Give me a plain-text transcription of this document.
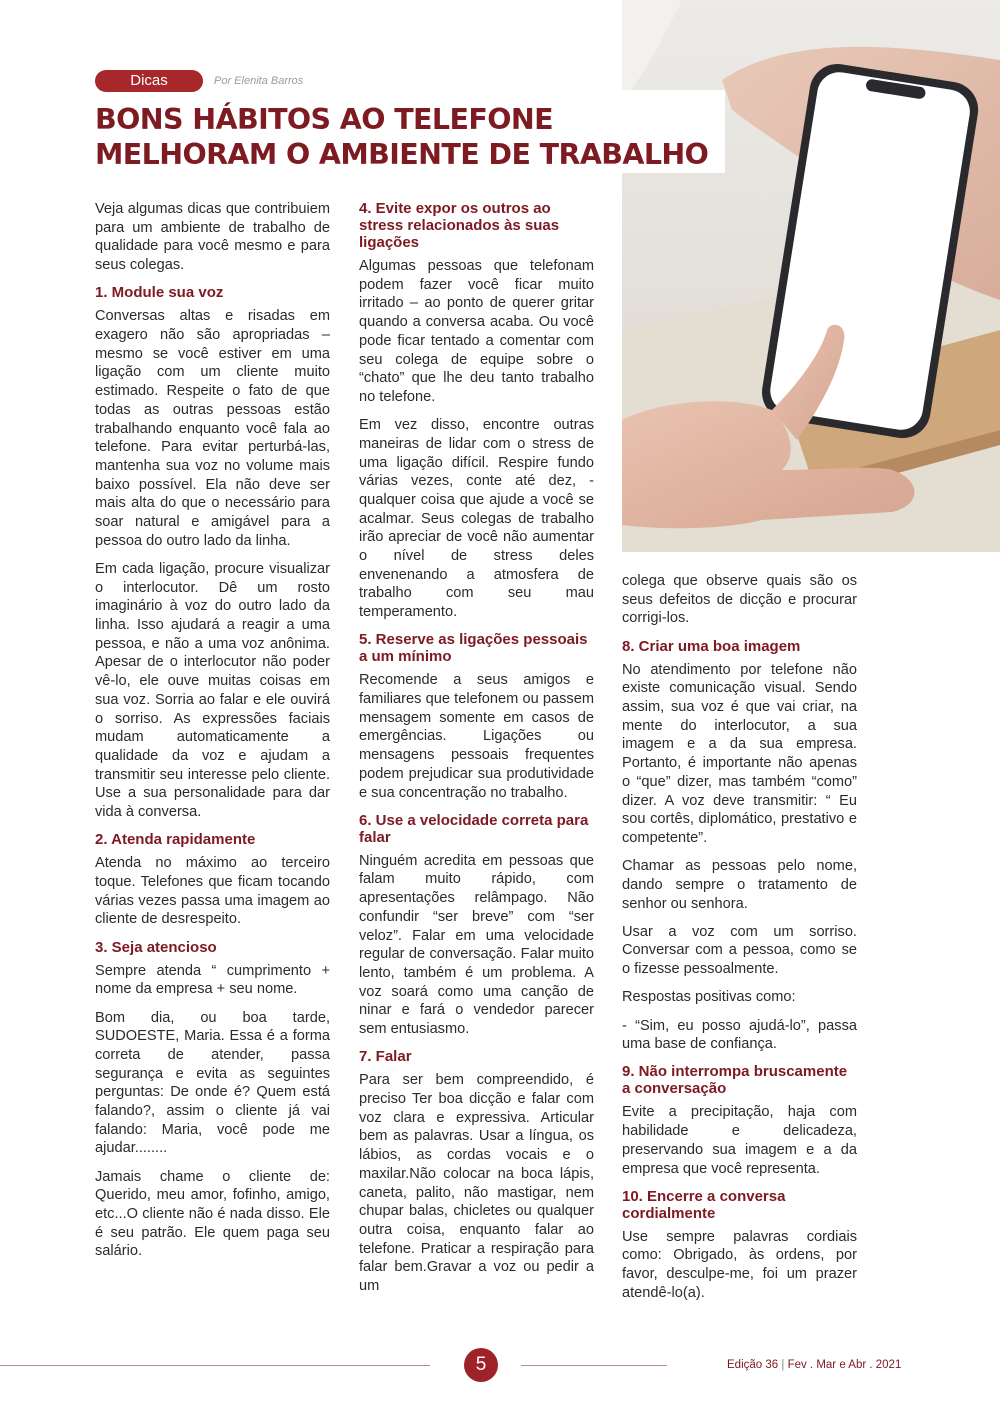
Dicas	Por Elenita Barros
BONS HÁBITOS AO TELEFONE
MELHORAM O AMBIENTE DE TRABALHO

Veja algumas dicas que contribuiem para um ambiente de trabalho de qualidade para você mesmo e para seus colegas.

1. Module sua voz

Conversas altas e risadas em exagero não são apropriadas – mesmo se você estiver em uma ligação com um cliente muito estimado. Respeite o fato de que todas as outras pessoas estão trabalhando enquanto você fala ao telefone. Para evitar perturbá-las, mantenha sua voz no volume mais baixo possível. Ela não deve ser mais alta do que o necessário para soar natural e amigável para a pessoa do outro lado da linha.

Em cada ligação, procure visualizar o interlocutor. Dê um rosto imaginário à voz do outro lado da linha. Isso ajudará a reagir a uma pessoa, e não a uma voz anônima. Apesar de o interlocutor não poder vê-lo, ele ouve muitas coisas em sua voz. Sorria ao falar e ele ouvirá o sorriso. As expressões faciais mudam automaticamente a qualidade da voz e ajudam a transmitir seu interesse pelo cliente. Use a sua personalidade para dar vida à conversa.

2. Atenda rapidamente

Atenda no máximo ao terceiro toque. Telefones que ficam tocando várias vezes passa uma imagem ao cliente de desrespeito.

3. Seja atencioso

Sempre atenda “ cumprimento + nome da empresa + seu nome.

Bom dia, ou boa tarde, SUDOESTE, Maria. Essa é a forma correta de atender, passa segurança e evita as seguintes perguntas: De onde é? Quem está falando?, assim o cliente já vai falando: Maria, você pode me ajudar........

Jamais chame o cliente de: Querido, meu amor, fofinho, amigo, etc...O cliente não é nada disso. Ele é seu patrão. Ele quem paga seu salário.

4. Evite expor os outros ao stress relacionados às suas ligações

Algumas pessoas que telefonam podem fazer você ficar muito irritado – ao ponto de querer gritar quando a conversa acaba. Ou você pode ficar tentado a comentar com seu colega de equipe sobre o “chato” que lhe deu tanto trabalho no telefone.

Em vez disso, encontre outras maneiras de lidar com o stress de uma ligação difícil. Respire fundo várias vezes, conte até dez, - qualquer coisa que ajude a você se acalmar. Seus colegas de trabalho irão apreciar de você não aumentar o nível de stress deles envenenando a atmosfera de trabalho com seu mau temperamento.

5. Reserve as ligações pessoais a um mínimo

Recomende a seus amigos e familiares que telefonem ou passem mensagem somente em casos de emergências. Ligações ou mensagens pessoais frequentes podem prejudicar sua produtividade e sua concentração no trabalho.

6. Use a velocidade correta para falar

Ninguém acredita em pessoas que falam muito rápido, com apresentações relâmpago. Não confundir “ser breve” com “ser veloz”. Falar em uma velocidade regular de conversação. Falar muito lento, também é um problema. A voz soará como uma canção de ninar e fará o vendedor parecer sem entusiasmo.

7. Falar

Para ser bem compreendido, é preciso Ter boa dicção e falar com voz clara e expressiva. Articular bem as palavras. Usar a língua, os lábios, as cordas vocais e o maxilar.Não colocar na boca lápis, caneta, palito, não mastigar, nem chupar balas, chicletes ou qualquer outra coisa, enquanto falar ao telefone. Praticar a respiração para falar bem.Gravar a voz ou pedir a um

colega que observe quais são os seus defeitos de dicção e procurar corrigi-los.

8. Criar uma boa imagem

No atendimento por telefone não existe comunicação visual. Sendo assim, sua voz é que vai criar, na mente do interlocutor, a sua imagem e a da sua empresa. Portanto, é importante não apenas o “que” dizer, mas também “como” dizer. A voz deve transmitir: “ Eu sou cortês, diplomático, prestativo e competente”.

Chamar as pessoas pelo nome, dando sempre o tratamento de senhor ou senhora.

Usar a voz com um sorriso. Conversar com a pessoa, como se o fizesse pessoalmente.

Respostas positivas como:

- “Sim, eu posso ajudá-lo”, passa uma base de confiança.

9. Não interrompa bruscamente a conversação

Evite a precipitação, haja com habilidade e delicadeza, preservando sua imagem e a da empresa que você representa.

10. Encerre a conversa cordialmente

Use sempre palavras cordiais como: Obrigado, às ordens, por favor, desculpe-me, foi um prazer atendê-lo(a).

5	Edição 36 | Fev . Mar e Abr . 2021
